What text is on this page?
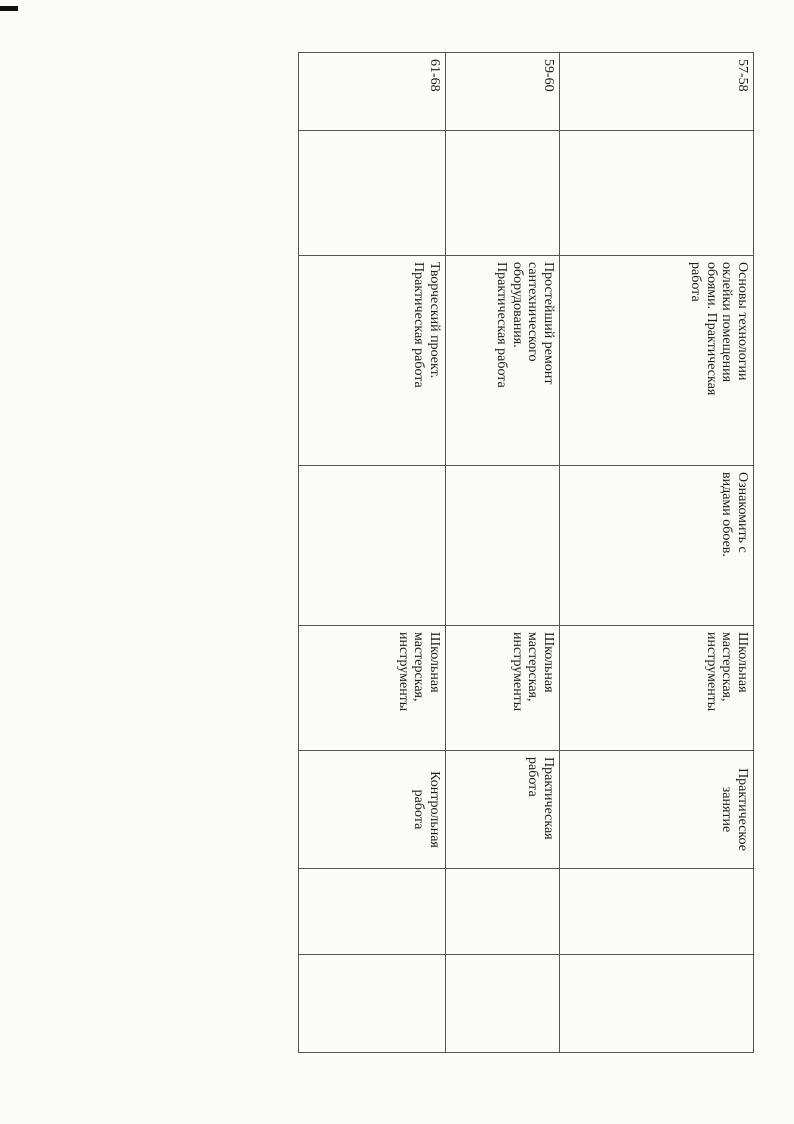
57-58		Основы технологии
оклейки помещения
обоями. Практическая
работа	Ознакомить с
видами обоев.	Школьная
мастерская,
инструменты	Практическое
занятие		

59-60		Простейший ремонт
сантехнического
оборудования.
Практическая работа		Школьная
мастерская,
инструменты	Практическая
работа		

61-68		Творческий проект.
Практическая работа		Школьная
мастерская,
инструменты	Контрольная
работа		
